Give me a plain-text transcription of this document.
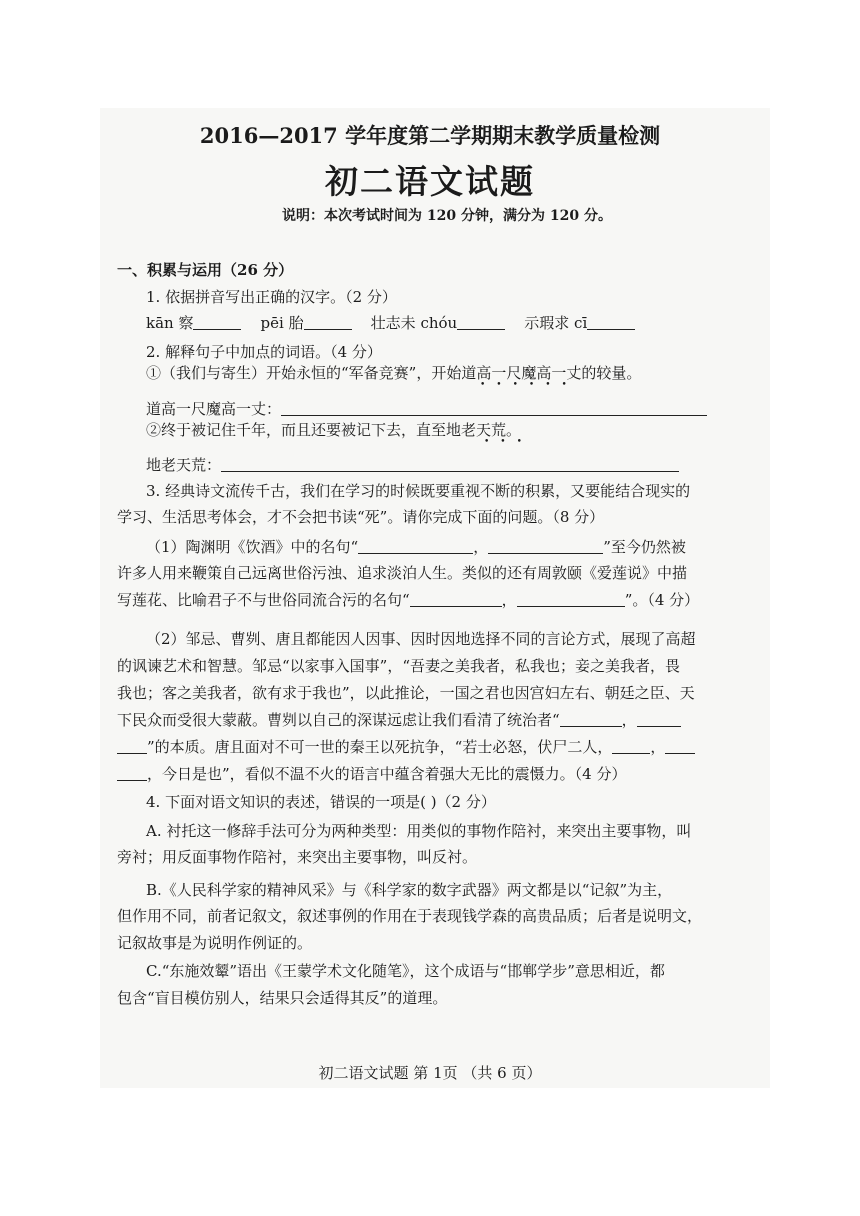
2016—2017 学年度第二学期期末教学质量检测
初二语文试题
说明：本次考试时间为 120 分钟，满分为 120 分。
一、积累与运用（26 分）
1. 依据拼音写出正确的汉字。（2 分）
kān 察	pēi 胎	壮志未 chóu	示瑕求 cī
2. 解释句子中加点的词语。（4 分）
①（我们与寄生）开始永恒的“军备竞赛”，开始道高一尺魔高一丈的较量。
••••••
道高一尺魔高一丈：
②终于被记住千年，而且还要被记下去，直至地老天荒。
•••
地老天荒：
3. 经典诗文流传千古，我们在学习的时候既要重视不断的积累，又要能结合现实的
学习、生活思考体会，才不会把书读“死”。请你完成下面的问题。（8 分）
（1）陶渊明《饮酒》中的名句“	，	”至今仍然被
许多人用来鞭策自己远离世俗污浊、追求淡泊人生。类似的还有周敦颐《爱莲说》中描
写莲花、比喻君子不与世俗同流合污的名句“	，	”。（4 分）
（2）邹忌、曹刿、唐且都能因人因事、因时因地选择不同的言论方式，展现了高超
的讽谏艺术和智慧。邹忌“以家事入国事”，“吾妻之美我者，私我也；妾之美我者，畏
我也；客之美我者，欲有求于我也”，以此推论，一国之君也因宫妇左右、朝廷之臣、天
下民众而受很大蒙蔽。曹刿以自己的深谋远虑让我们看清了统治者“	，
”的本质。唐且面对不可一世的秦王以死抗争，“若士必怒，伏尸二人，	，
，今日是也”，看似不温不火的语言中蕴含着强大无比的震慑力。（4 分）
4. 下面对语文知识的表述，错误的一项是( )（2 分）
A. 衬托这一修辞手法可分为两种类型：用类似的事物作陪衬，来突出主要事物，叫
旁衬；用反面事物作陪衬，来突出主要事物，叫反衬。
B.《人民科学家的精神风采》与《科学家的数字武器》两文都是以“记叙”为主，
但作用不同，前者记叙文，叙述事例的作用在于表现钱学森的高贵品质；后者是说明文，
记叙故事是为说明作例证的。
C.“东施效颦”语出《王蒙学术文化随笔》，这个成语与“邯郸学步”意思相近，都
包含“盲目模仿别人，结果只会适得其反”的道理。
初二语文试题 第 1页 （共 6 页）
